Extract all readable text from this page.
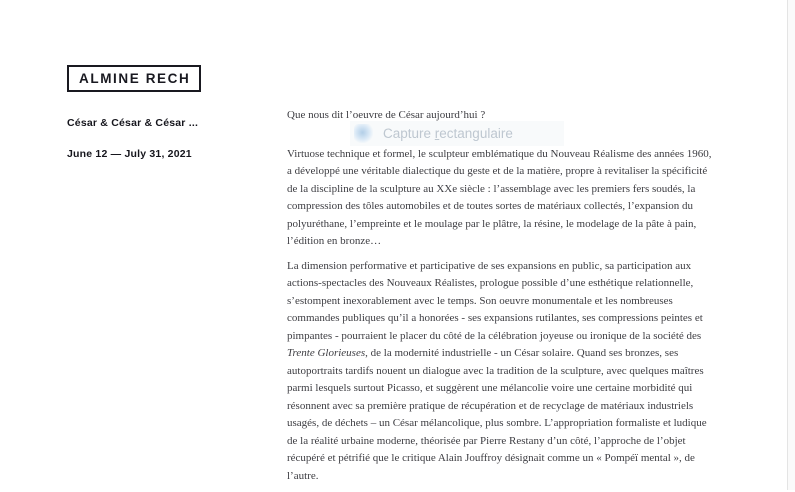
ALMINE RECH
César & César & César ...
June 12 — July 31, 2021

Que nous dit l’oeuvre de César aujourd’hui ?

Virtuose technique et formel, le sculpteur emblématique du Nouveau Réalisme des années 1960, a développé une véritable dialectique du geste et de la matière, propre à revitaliser la spécificité de la discipline de la sculpture au XXe siècle : l’assemblage avec les premiers fers soudés, la compression des tôles automobiles et de toutes sortes de matériaux collectés, l’expansion du polyuréthane, l’empreinte et le moulage par le plâtre, la résine, le modelage de la pâte à pain, l’édition en bronze…

La dimension performative et participative de ses expansions en public, sa participation aux actions-spectacles des Nouveaux Réalistes, prologue possible d’une esthétique relationnelle, s’estompent inexorablement avec le temps. Son oeuvre monumentale et les nombreuses commandes publiques qu’il a honorées - ses expansions rutilantes, ses compressions peintes et pimpantes - pourraient le placer du côté de la célébration joyeuse ou ironique de la société des Trente Glorieuses, de la modernité industrielle - un César solaire. Quand ses bronzes, ses autoportraits tardifs nouent un dialogue avec la tradition de la sculpture, avec quelques maîtres parmi lesquels surtout Picasso, et suggèrent une mélancolie voire une certaine morbidité qui résonnent avec sa première pratique de récupération et de recyclage de matériaux industriels usagés, de déchets – un César mélancolique, plus sombre. L’appropriation formaliste et ludique de la réalité urbaine moderne, théorisée par Pierre Restany d’un côté, l’approche de l’objet récupéré et pétrifié que le critique Alain Jouffroy désignait comme un « Pompéï mental », de l’autre.

Capture rectangulaire
